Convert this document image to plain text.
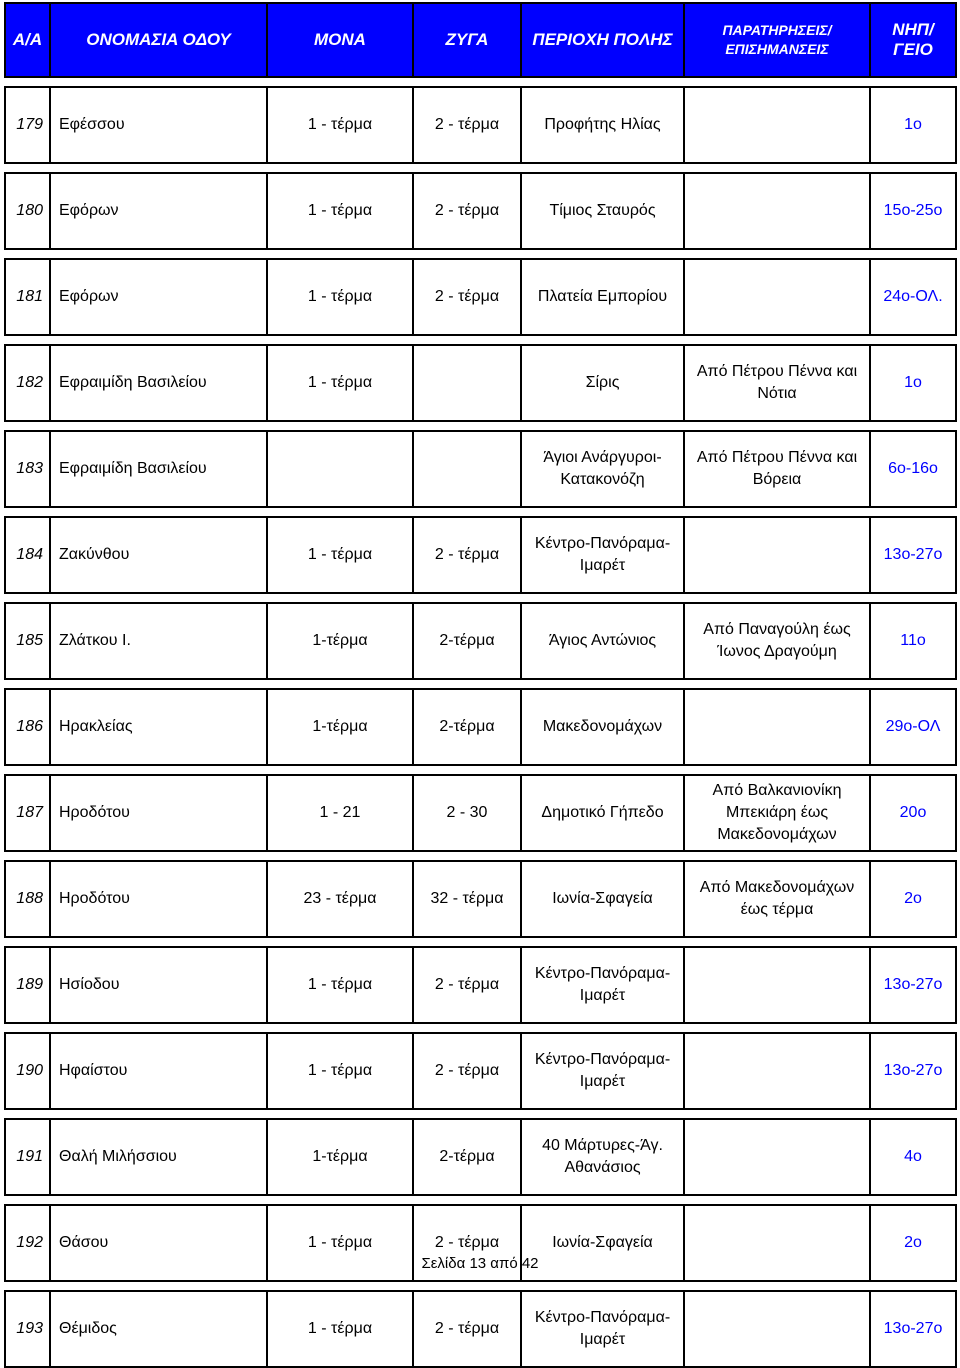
Α/Α	ΟΝΟΜΑΣΙΑ ΟΔΟΥ	ΜΟΝΑ	ΖΥΓΑ	ΠΕΡΙΟΧΗ ΠΟΛΗΣ	ΠΑΡΑΤΗΡΗΣΕΙΣ/ ΕΠΙΣΗΜΑΝΣΕΙΣ	ΝΗΠ/ΓΕΙΟ

179	Εφέσσου	1 - τέρμα	2 - τέρμα	Προφήτης Ηλίας		1ο

180	Εφόρων	1 - τέρμα	2 - τέρμα	Τίμιος Σταυρός		15ο-25ο

181	Εφόρων	1 - τέρμα	2 - τέρμα	Πλατεία Εμπορίου		24ο-ΟΛ.

182	Εφραιμίδη Βασιλείου	1 - τέρμα		Σίρις	Από Πέτρου Πέννα και Νότια	1ο

183	Εφραιμίδη Βασιλείου			Άγιοι Ανάργυροι-Κατακονόζη	Από Πέτρου Πέννα και Βόρεια	6ο-16ο

184	Ζακύνθου	1 - τέρμα	2 - τέρμα	Κέντρο-Πανόραμα-Ιμαρέτ		13ο-27ο

185	Ζλάτκου Ι.	1-τέρμα	2-τέρμα	Άγιος Αντώνιος	Από Παναγούλη έως Ίωνος Δραγούμη	11ο

186	Ηρακλείας	1-τέρμα	2-τέρμα	Μακεδονομάχων		29ο-ΟΛ

187	Ηροδότου	1 - 21	2 - 30	Δημοτικό Γήπεδο	Από Βαλκανιονίκη Μπεκιάρη έως Μακεδονομάχων	20ο

188	Ηροδότου	23 - τέρμα	32 - τέρμα	Ιωνία-Σφαγεία	Από Μακεδονομάχων έως τέρμα	2ο

189	Ησίοδου	1 - τέρμα	2 - τέρμα	Κέντρο-Πανόραμα-Ιμαρέτ		13ο-27ο

190	Ηφαίστου	1 - τέρμα	2 - τέρμα	Κέντρο-Πανόραμα-Ιμαρέτ		13ο-27ο

191	Θαλή Μιλήσσιου	1-τέρμα	2-τέρμα	40 Μάρτυρες-Άγ. Αθανάσιος		4ο

192	Θάσου	1 - τέρμα	2 - τέρμα	Ιωνία-Σφαγεία		2ο

193	Θέμιδος	1 - τέρμα	2 - τέρμα	Κέντρο-Πανόραμα-Ιμαρέτ		13ο-27ο
Σελίδα 13 από 42
